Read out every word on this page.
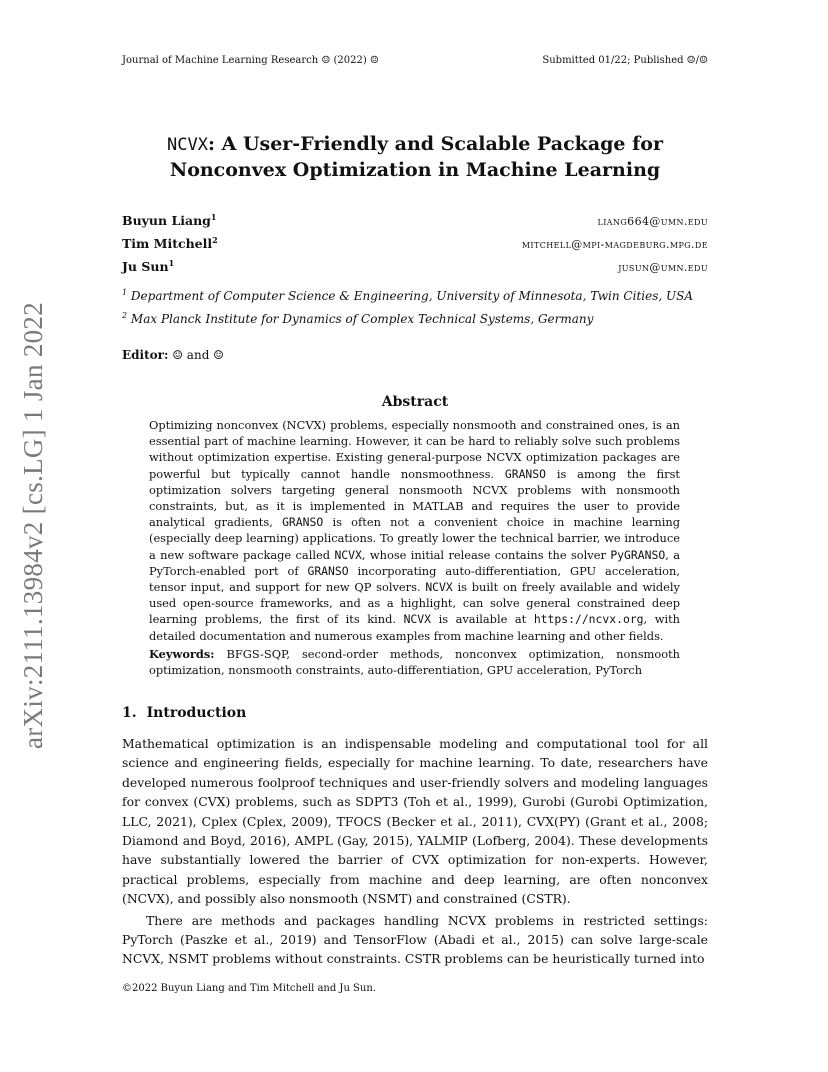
Journal of Machine Learning Research ☺ (2022) ☺	Submitted 01/22; Published ☺/☺
arXiv:2111.13984v2 [cs.LG] 1 Jan 2022
NCVX: A User-Friendly and Scalable Package for Nonconvex Optimization in Machine Learning
Buyun Liang$^1$	liang664@umn.edu
Tim Mitchell$^2$	mitchell@mpi-magdeburg.mpg.de
Ju Sun$^1$	jusun@umn.edu
$^1$ Department of Computer Science & Engineering, University of Minnesota, Twin Cities, USA
$^2$ Max Planck Institute for Dynamics of Complex Technical Systems, Germany
Editor: ☺ and ☺
Abstract
Optimizing nonconvex (NCVX) problems, especially nonsmooth and constrained ones, is an essential part of machine learning. However, it can be hard to reliably solve such problems without optimization expertise. Existing general-purpose NCVX optimization packages are powerful but typically cannot handle nonsmoothness. GRANSO is among the first optimization solvers targeting general nonsmooth NCVX problems with nonsmooth constraints, but, as it is implemented in MATLAB and requires the user to provide analytical gradients, GRANSO is often not a convenient choice in machine learning (especially deep learning) applications. To greatly lower the technical barrier, we introduce a new software package called NCVX, whose initial release contains the solver PyGRANSO, a PyTorch-enabled port of GRANSO incorporating auto-differentiation, GPU acceleration, tensor input, and support for new QP solvers. NCVX is built on freely available and widely used open-source frameworks, and as a highlight, can solve general constrained deep learning problems, the first of its kind. NCVX is available at https://ncvx.org, with detailed documentation and numerous examples from machine learning and other fields.
Keywords: BFGS-SQP, second-order methods, nonconvex optimization, nonsmooth optimization, nonsmooth constraints, auto-differentiation, GPU acceleration, PyTorch
1. Introduction

Mathematical optimization is an indispensable modeling and computational tool for all science and engineering fields, especially for machine learning. To date, researchers have developed numerous foolproof techniques and user-friendly solvers and modeling languages for convex (CVX) problems, such as SDPT3 (Toh et al., 1999), Gurobi (Gurobi Optimization, LLC, 2021), Cplex (Cplex, 2009), TFOCS (Becker et al., 2011), CVX(PY) (Grant et al., 2008; Diamond and Boyd, 2016), AMPL (Gay, 2015), YALMIP (Lofberg, 2004). These developments have substantially lowered the barrier of CVX optimization for non-experts. However, practical problems, especially from machine and deep learning, are often nonconvex (NCVX), and possibly also nonsmooth (NSMT) and constrained (CSTR).

There are methods and packages handling NCVX problems in restricted settings: PyTorch (Paszke et al., 2019) and TensorFlow (Abadi et al., 2015) can solve large-scale NCVX, NSMT problems without constraints. CSTR problems can be heuristically turned into

©2022 Buyun Liang and Tim Mitchell and Ju Sun.
